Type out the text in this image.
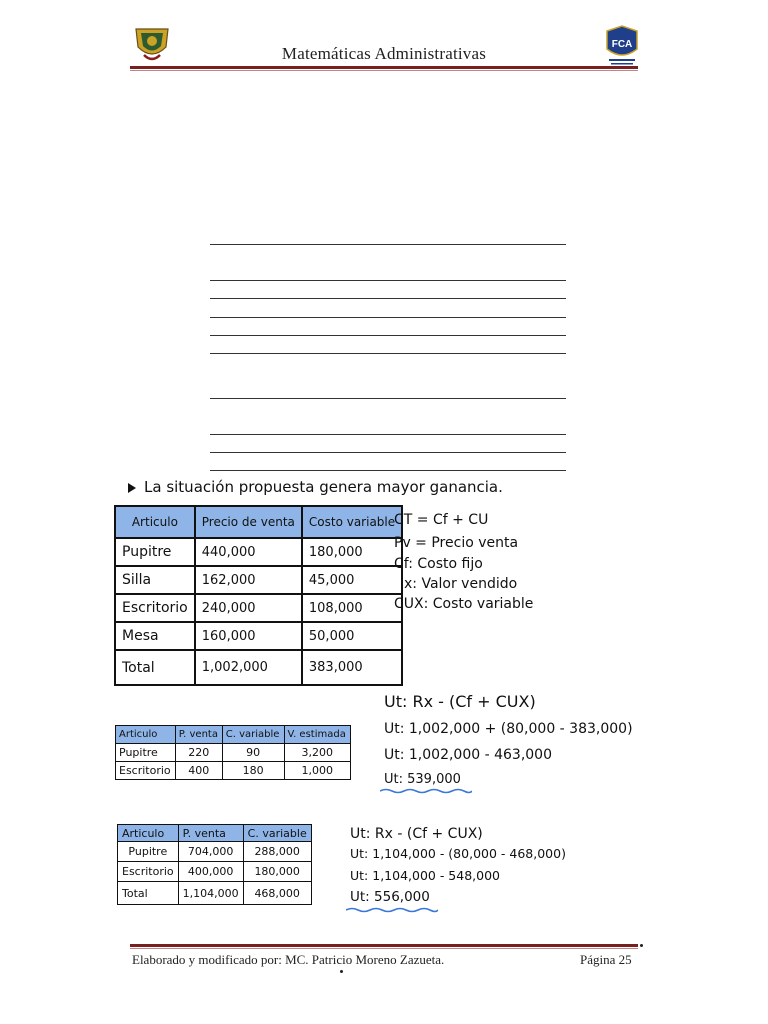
Matemáticas Administrativas	FCA
La situación propuesta genera mayor ganancia.
Articulo	Precio de venta	Costo variable
Pupitre	440,000	180,000
Silla	162,000	45,000
Escritorio	240,000	108,000
Mesa	160,000	50,000
Total	1,002,000	383,000
CT = Cf + CU
Pv = Precio venta
Cf: Costo fijo
x: Valor vendido
CUX: Costo variable
Articulo	P. venta	C. variable	V. estimada
Pupitre	220	90	3,200
Escritorio	400	180	1,000
Ut: Rx - (Cf + CUX)
Ut: 1,002,000 + (80,000 - 383,000)
Ut: 1,002,000 - 463,000
Ut: 539,000
Articulo	P. venta	C. variable
Pupitre	704,000	288,000
Escritorio	400,000	180,000
Total	1,104,000	468,000
Ut: Rx - (Cf + CUX)
Ut: 1,104,000 - (80,000 - 468,000)
Ut: 1,104,000 - 548,000
Ut: 556,000
Elaborado y modificado por: MC. Patricio Moreno Zazueta.	Página 25
